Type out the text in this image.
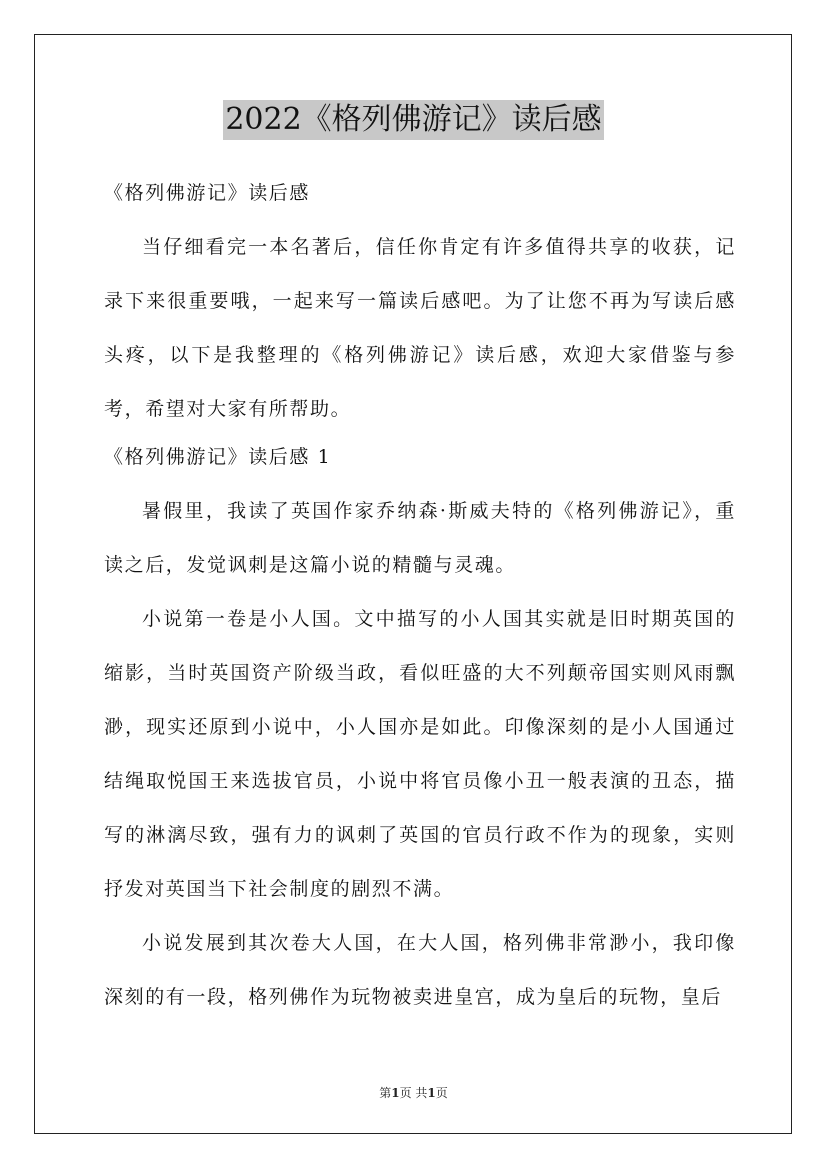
2022《格列佛游记》读后感

《格列佛游记》读后感

当仔细看完一本名著后，信任你肯定有许多值得共享的收获，记录下来很重要哦，一起来写一篇读后感吧。为了让您不再为写读后感头疼，以下是我整理的《格列佛游记》读后感，欢迎大家借鉴与参考，希望对大家有所帮助。

《格列佛游记》读后感 1

暑假里，我读了英国作家乔纳森·斯威夫特的《格列佛游记》，重读之后，发觉讽刺是这篇小说的精髓与灵魂。

小说第一卷是小人国。文中描写的小人国其实就是旧时期英国的缩影，当时英国资产阶级当政，看似旺盛的大不列颠帝国实则风雨飘渺，现实还原到小说中，小人国亦是如此。印像深刻的是小人国通过结绳取悦国王来选拔官员，小说中将官员像小丑一般表演的丑态，描写的淋漓尽致，强有力的讽刺了英国的官员行政不作为的现象，实则抒发对英国当下社会制度的剧烈不满。

小说发展到其次卷大人国，在大人国，格列佛非常渺小，我印像深刻的有一段，格列佛作为玩物被卖进皇宫，成为皇后的玩物，皇后

第1页 共1页
